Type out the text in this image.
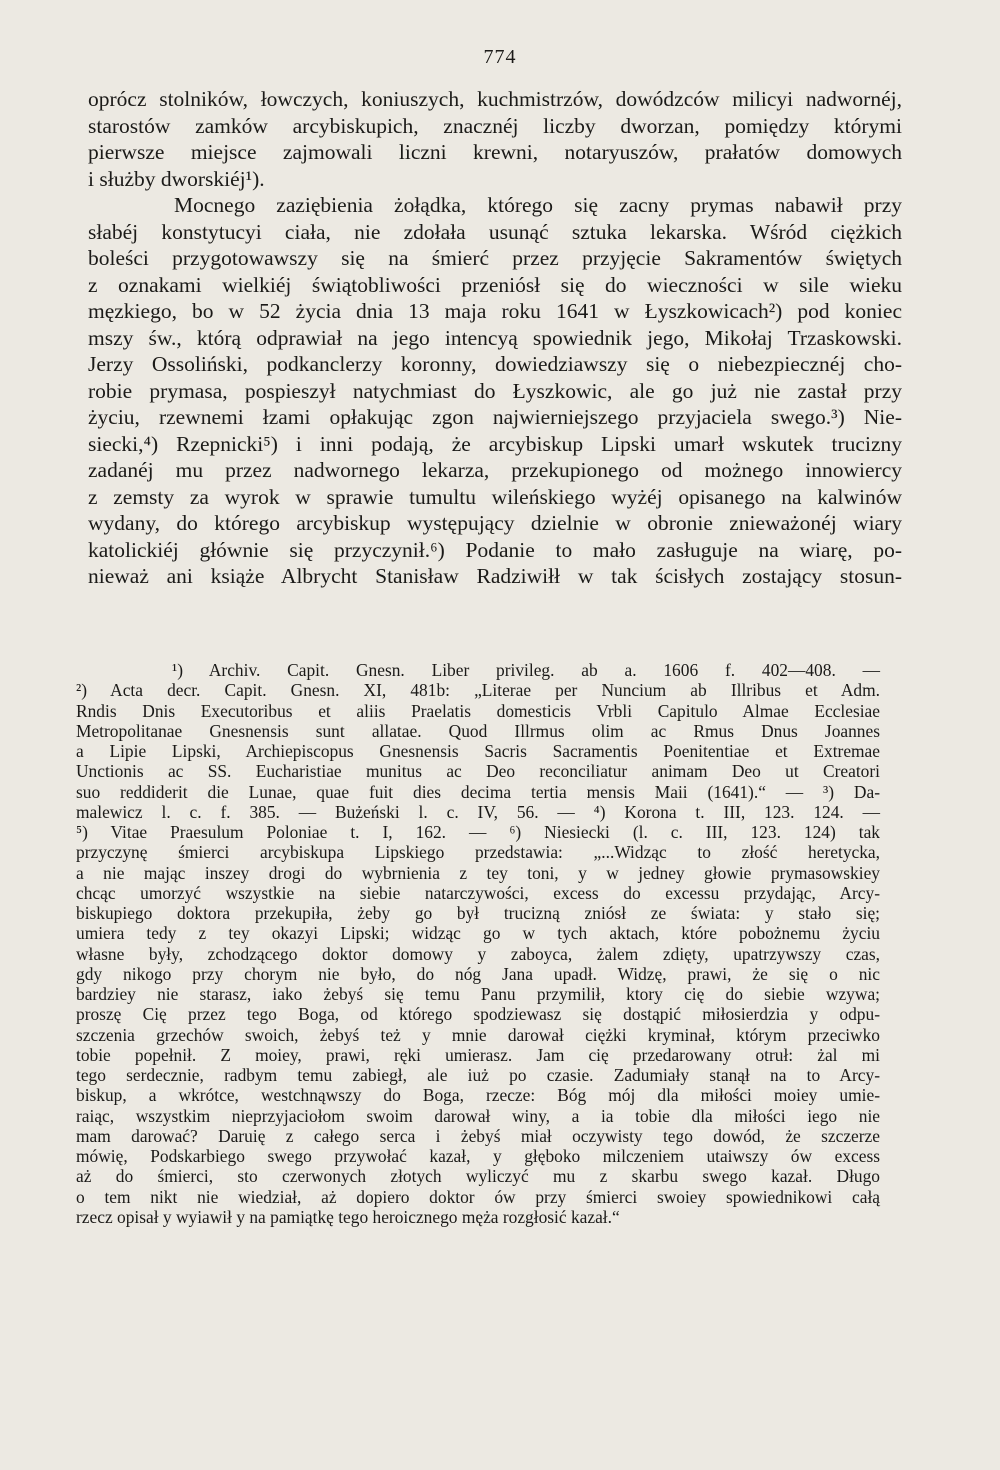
774

oprócz stolników, łowczych, koniuszych, kuchmistrzów, dowódzców milicyi nadwornéj,

starostów zamków arcybiskupich, znacznéj liczby dworzan, pomiędzy którymi

pierwsze miejsce zajmowali liczni krewni, notaryuszów, prałatów domowych

i służby dworskiéj¹).

Mocnego zaziębienia żołądka, którego się zacny prymas nabawił przy

słabéj konstytucyi ciała, nie zdołała usunąć sztuka lekarska. Wśród ciężkich

boleści przygotowawszy się na śmierć przez przyjęcie Sakramentów świętych

z oznakami wielkiéj świątobliwości przeniósł się do wieczności w sile wieku

męzkiego, bo w 52 życia dnia 13 maja roku 1641 w Łyszkowicach²) pod koniec

mszy św., którą odprawiał na jego intencyą spowiednik jego, Mikołaj Trzaskowski.

Jerzy Ossoliński, podkanclerzy koronny, dowiedziawszy się o niebezpiecznéj cho-

robie prymasa, pospieszył natychmiast do Łyszkowic, ale go już nie zastał przy

życiu, rzewnemi łzami opłakując zgon najwierniejszego przyjaciela swego.³) Nie-

siecki,⁴) Rzepnicki⁵) i inni podają, że arcybiskup Lipski umarł wskutek trucizny

zadanéj mu przez nadwornego lekarza, przekupionego od możnego innowiercy

z zemsty za wyrok w sprawie tumultu wileńskiego wyżéj opisanego na kalwinów

wydany, do którego arcybiskup występujący dzielnie w obronie znieważonéj wiary

katolickiéj głównie się przyczynił.⁶) Podanie to mało zasługuje na wiarę, po-

nieważ ani książe Albrycht Stanisław Radziwiłł w tak ścisłych zostający stosun-

¹) Archiv. Capit. Gnesn. Liber privileg. ab a. 1606 f. 402—408. —

²) Acta decr. Capit. Gnesn. XI, 481b: „Literae per Nuncium ab Illribus et Adm.

Rndis Dnis Executoribus et aliis Praelatis domesticis Vrbli Capitulo Almae Ecclesiae

Metropolitanae Gnesnensis sunt allatae. Quod Illrmus olim ac Rmus Dnus Joannes

a Lipie Lipski, Archiepiscopus Gnesnensis Sacris Sacramentis Poenitentiae et Extremae

Unctionis ac SS. Eucharistiae munitus ac Deo reconciliatur animam Deo ut Creatori

suo reddiderit die Lunae, quae fuit dies decima tertia mensis Maii (1641).“ — ³) Da-

malewicz l. c. f. 385. — Bużeński l. c. IV, 56. — ⁴) Korona t. III, 123. 124. —

⁵) Vitae Praesulum Poloniae t. I, 162. — ⁶) Niesiecki (l. c. III, 123. 124) tak

przyczynę śmierci arcybiskupa Lipskiego przedstawia: „...Widząc to złość heretycka,

a nie mając inszey drogi do wybrnienia z tey toni, y w jedney głowie prymasowskiey

chcąc umorzyć wszystkie na siebie natarczywości, excess do excessu przydając, Arcy-

biskupiego doktora przekupiła, żeby go był trucizną zniósł ze świata: y stało się;

umiera tedy z tey okazyi Lipski; widząc go w tych aktach, które pobożnemu życiu

własne były, zchodzącego doktor domowy y zaboyca, żalem zdięty, upatrzywszy czas,

gdy nikogo przy chorym nie było, do nóg Jana upadł. Widzę, prawi, że się o nic

bardziey nie starasz, iako żebyś się temu Panu przymilił, ktory cię do siebie wzywa;

proszę Cię przez tego Boga, od którego spodziewasz się dostąpić miłosierdzia y odpu-

szczenia grzechów swoich, żebyś też y mnie darował ciężki kryminał, którym przeciwko

tobie popełnił. Z moiey, prawi, ręki umierasz. Jam cię przedarowany otruł: żal mi

tego serdecznie, radbym temu zabiegł, ale iuż po czasie. Zadumiały stanął na to Arcy-

biskup, a wkrótce, westchnąwszy do Boga, rzecze: Bóg mój dla miłości moiey umie-

raiąc, wszystkim nieprzyjaciołom swoim darował winy, a ia tobie dla miłości iego nie

mam darować? Daruię z całego serca i żebyś miał oczywisty tego dowód, że szczerze

mówię, Podskarbiego swego przywołać kazał, y głęboko milczeniem utaiwszy ów excess

aż do śmierci, sto czerwonych złotych wyliczyć mu z skarbu swego kazał. Długo

o tem nikt nie wiedział, aż dopiero doktor ów przy śmierci swoiey spowiednikowi całą

rzecz opisał y wyiawił y na pamiątkę tego heroicznego męża rozgłosić kazał.“
